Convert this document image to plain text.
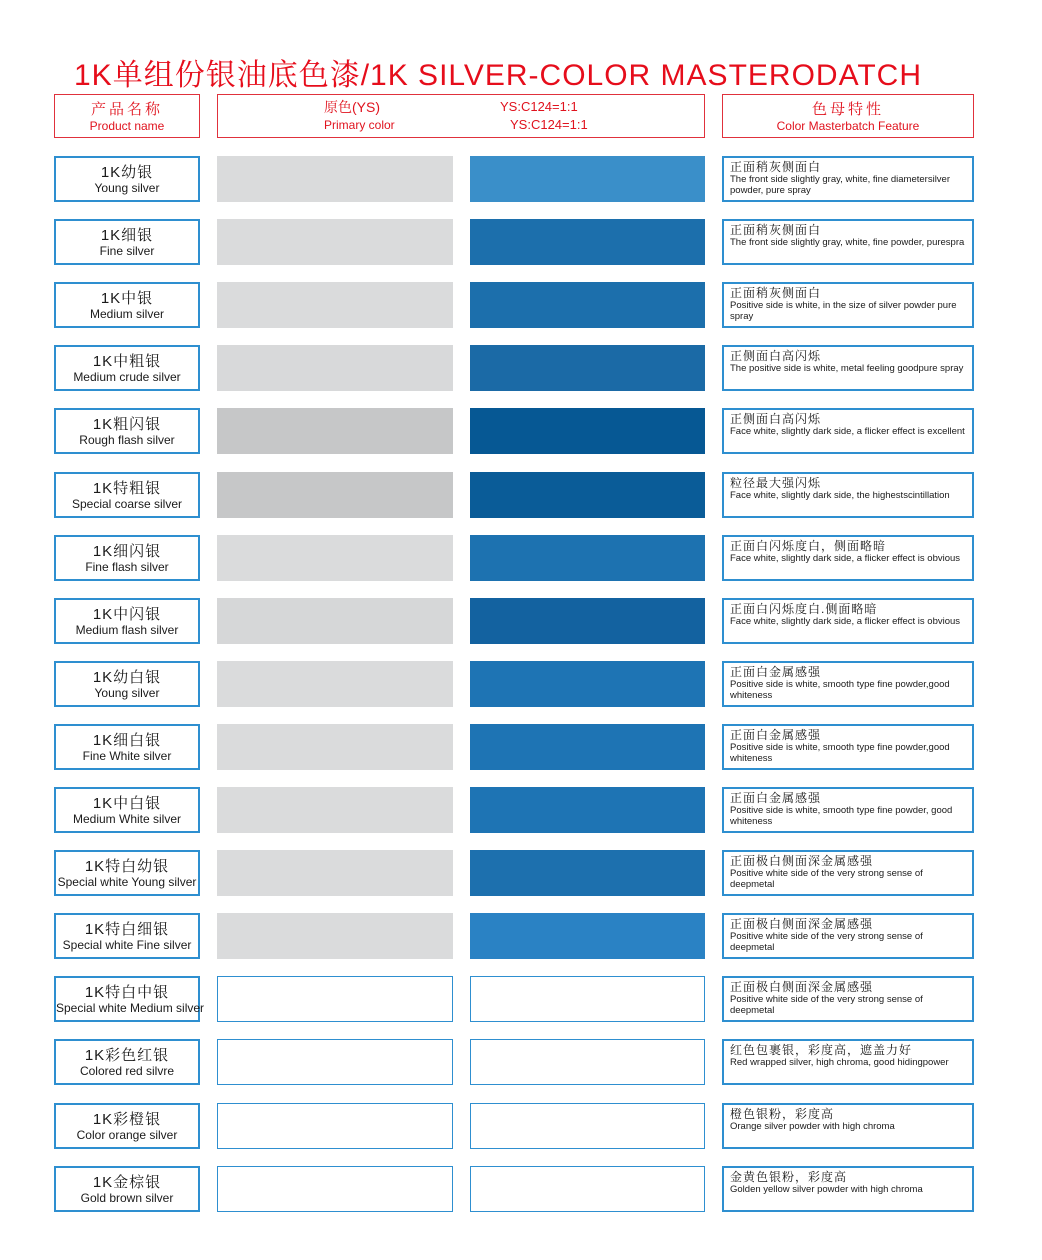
1K单组份银油底色漆/1K SILVER-COLOR MASTERODATCH
产品名称
Product name
原色(YS)
Primary color
YS:C124=1:1
YS:C124=1:1
色母特性
Color Masterbatch Feature
1K幼银
Young silver
正面稍灰侧面白
The front side slightly gray, white, fine diametersilver powder, pure spray
1K细银
Fine silver
正面稍灰侧面白
The front side slightly gray, white, fine powder, purespra
1K中银
Medium silver
正面稍灰侧面白
Positive side is white, in the size of silver powder pure spray
1K中粗银
Medium crude silver
正侧面白高闪烁
The positive side is white, metal feeling goodpure spray
1K粗闪银
Rough flash silver
正侧面白高闪烁
Face white, slightly dark side, a flicker effect is excellent
1K特粗银
Special coarse silver
粒径最大强闪烁
Face white, slightly dark side, the highestscintillation
1K细闪银
Fine flash silver
正面白闪烁度白，侧面略暗
Face white, slightly dark side, a flicker effect is obvious
1K中闪银
Medium flash silver
正面白闪烁度白.侧面略暗
Face white, slightly dark side, a flicker effect is obvious
1K幼白银
Young silver
正面白金属感强
Positive side is white, smooth type fine powder,good whiteness
1K细白银
Fine White silver
正面白金属感强
Positive side is white, smooth type fine powder,good whiteness
1K中白银
Medium White silver
正面白金属感强
Positive side is white, smooth type fine powder, good whiteness
1K特白幼银
Special white Young silver
正面极白侧面深金属感强
Positive white side of the very strong sense of deepmetal
1K特白细银
Special white Fine silver
正面极白侧面深金属感强
Positive white side of the very strong sense of deepmetal
1K特白中银
Special white Medium silver
正面极白侧面深金属感强
Positive white side of the very strong sense of deepmetal
1K彩色红银
Colored red silvre
红色包裹银，彩度高，遮盖力好
Red wrapped silver, high chroma, good hidingpower
1K彩橙银
Color orange silver
橙色银粉，彩度高
Orange silver powder with high chroma
1K金棕银
Gold brown silver
金黄色银粉，彩度高
Golden yellow silver powder with high chroma
